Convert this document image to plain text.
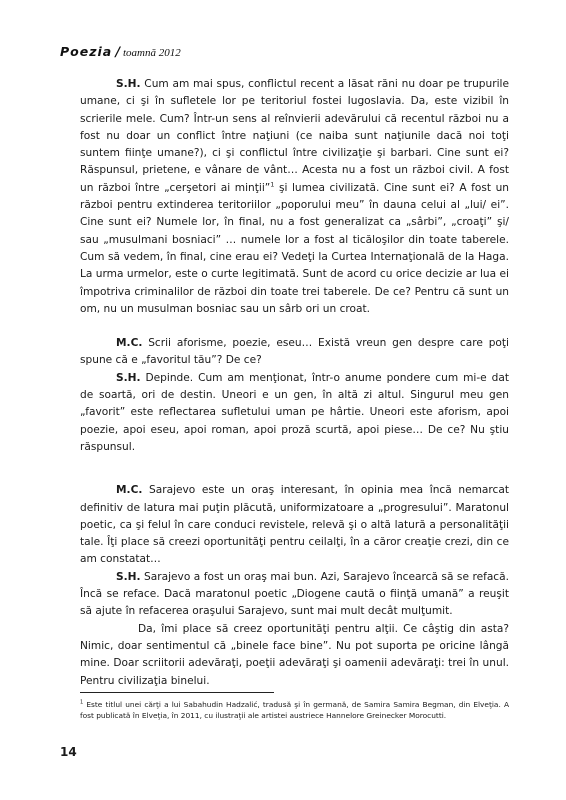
Poezia / toamnă 2012

S.H. Cum am mai spus, conflictul recent a lăsat răni nu doar pe trupurile umane, ci şi în sufletele lor pe teritoriul fostei Iugoslavia. Da, este vizibil în scrierile mele. Cum? Într-un sens al reînvierii adevărului că recentul război nu a fost nu doar un conflict între naţiuni (ce naiba sunt naţiunile dacă noi toţi suntem fiinţe umane?), ci şi conflictul între civilizaţie şi barbari. Cine sunt ei? Răspunsul, prietene, e vânare de vânt… Acesta nu a fost un război civil. A fost un război între „cerşetori ai minţii”$^1$ şi lumea civilizată. Cine sunt ei? A fost un război pentru extinderea teritoriilor „poporului meu” în dauna celui al „lui/ ei”. Cine sunt ei? Numele lor, în final, nu a fost generalizat ca „sârbi”, „croaţi” şi/ sau „musulmani bosniaci” … numele lor a fost al ticăloşilor din toate taberele. Cum să vedem, în final, cine erau ei? Vedeţi la Curtea Internaţională de la Haga. La urma urmelor, este o curte legitimată. Sunt de acord cu orice decizie ar lua ei împotriva criminalilor de război din toate trei taberele. De ce? Pentru că sunt un om, nu un musulman bosniac sau un sârb ori un croat.

M.C. Scrii aforisme, poezie, eseu… Există vreun gen despre care poţi spune că e „favoritul tău”? De ce?

S.H. Depinde. Cum am menţionat, într-o anume pondere cum mi-e dat de soartă, ori de destin. Uneori e un gen, în altă zi altul. Singurul meu gen „favorit” este reflectarea sufletului uman pe hârtie. Uneori este aforism, apoi poezie, apoi eseu, apoi roman, apoi proză scurtă, apoi piese… De ce? Nu ştiu răspunsul.

M.C. Sarajevo este un oraş interesant, în opinia mea încă nemarcat definitiv de latura mai puţin plăcută, uniformizatoare a „progresului”. Maratonul poetic, ca şi felul în care conduci revistele, relevă şi o altă latură a personalităţii tale. Îţi place să creezi oportunităţi pentru ceilalţi, în a căror creaţie crezi, din ce am constatat…

S.H. Sarajevo a fost un oraş mai bun. Azi, Sarajevo încearcă să se refacă. Încă se reface. Dacă maratonul poetic „Diogene caută o fiinţă umană” a reuşit să ajute în refacerea oraşului Sarajevo, sunt mai mult decât mulţumit.

Da, îmi place să creez oportunităţi pentru alţii. Ce câştig din asta? Nimic, doar sentimentul că „binele face bine”. Nu pot suporta pe oricine lângă mine. Doar scriitorii adevăraţi, poeţii adevăraţi şi oamenii adevăraţi: trei în unul. Pentru civilizaţia binelui.

$^1$ Este titlul unei cărţi a lui Sabahudin Hadzalić, tradusă şi în germană, de Samira Samira Begman, din Elveţia. A fost publicată în Elveţia, în 2011, cu ilustraţii ale artistei austriece Hannelore Greinecker Morocutti.
14
